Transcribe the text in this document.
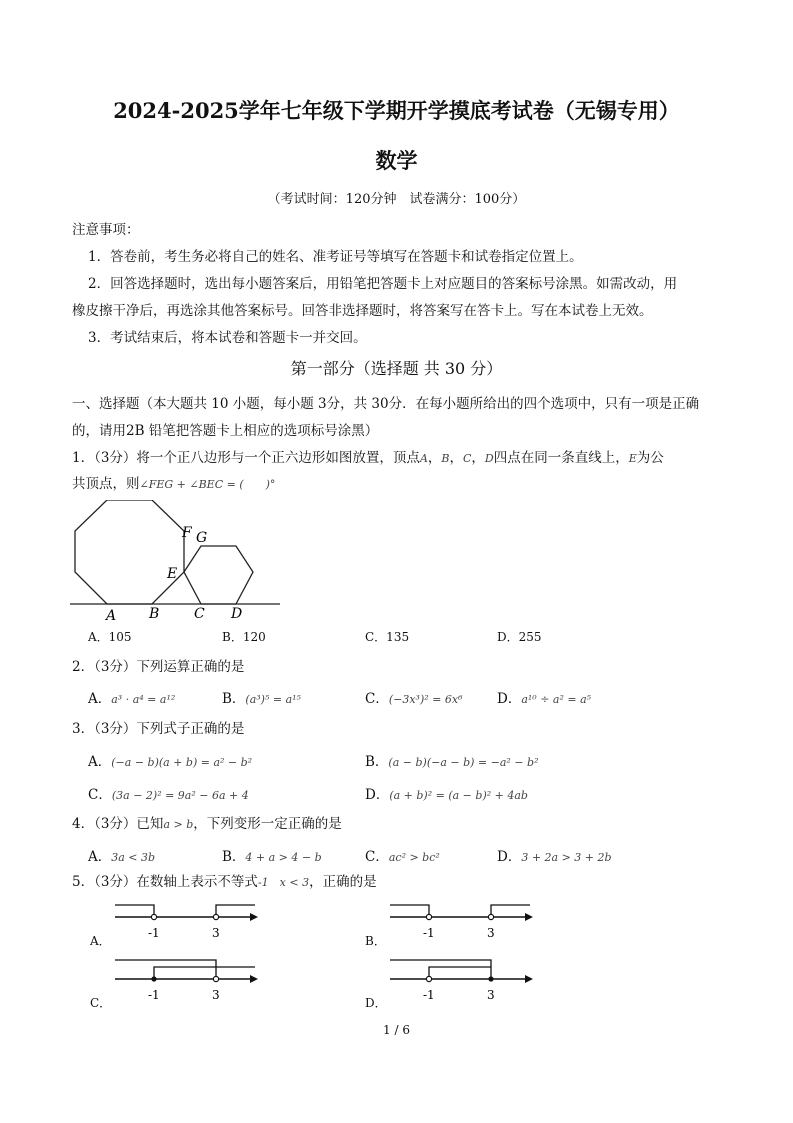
2024-2025学年七年级下学期开学摸底考试卷（无锡专用）
数学
（考试时间：120分钟　试卷满分：100分）
注意事项：
1．答卷前，考生务必将自己的姓名、准考证号等填写在答题卡和试卷指定位置上。
2．回答选择题时，选出每小题答案后，用铅笔把答题卡上对应题目的答案标号涂黑。如需改动，用
橡皮擦干净后，再选涂其他答案标号。回答非选择题时，将答案写在答卡上。写在本试卷上无效。
3．考试结束后，将本试卷和答题卡一并交回。
第一部分（选择题 共 30 分）
一、选择题（本大题共 10 小题，每小题 3分，共 30分．在每小题所给出的四个选项中，只有一项是正确
的，请用2B 铅笔把答题卡上相应的选项标号涂黑）
1．（3分）将一个正八边形与一个正六边形如图放置，顶点A，B，C，D四点在同一条直线上，E为公
共顶点，则∠FEG + ∠BEC = (　　)°
F G
E
A B C D
A．105	B．120	C．135	D．255
2．（3分）下列运算正确的是
A．a³ · a⁴ = a¹²	B．(a³)⁵ = a¹⁵	C．(−3x³)² = 6x⁶	D．a¹⁰ ÷ a² = a⁵
3．（3分）下列式子正确的是
A．(−a − b)(a + b) = a² − b²	B．(a − b)(−a − b) = −a² − b²
C．(3a − 2)² = 9a² − 6a + 4	D．(a + b)² = (a − b)² + 4ab
4．（3分）已知a > b，下列变形一定正确的是
A．3a < 3b	B．4 + a > 4 − b	C．ac² > bc²	D．3 + 2a > 3 + 2b
5．（3分）在数轴上表示不等式-1　x < 3，正确的是
A．
-1	3
B．
-1	3
C．
-1	3
D．
-1	3
1 / 6
